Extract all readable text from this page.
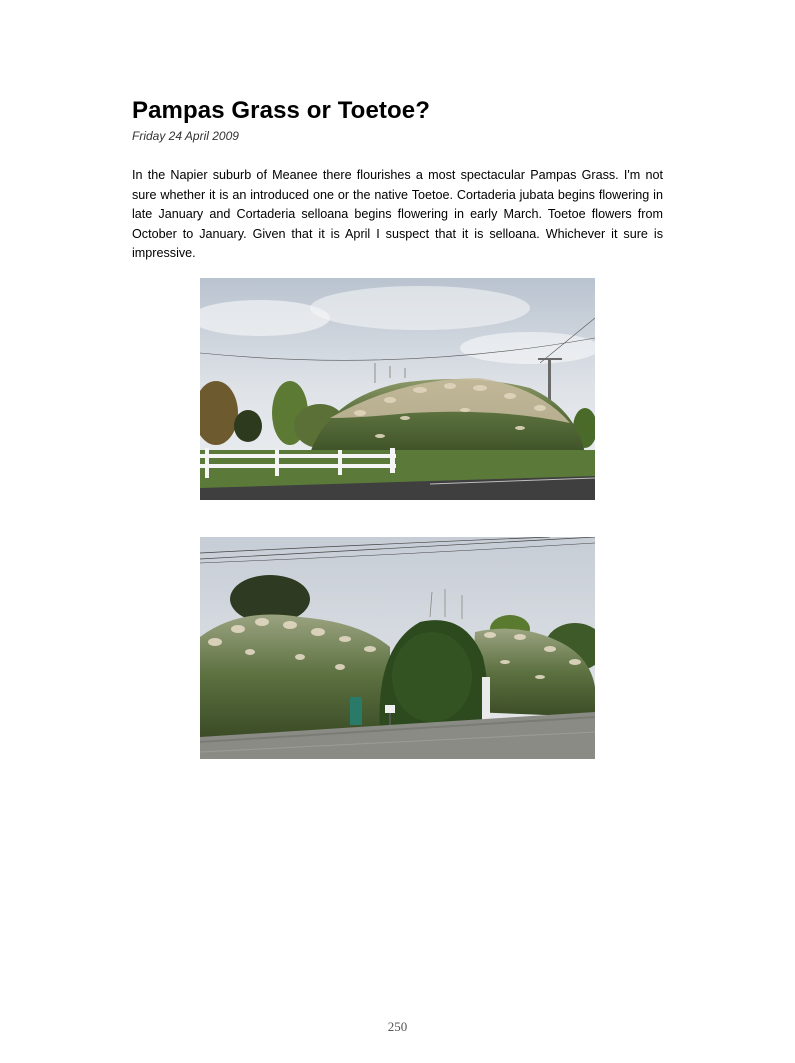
Pampas Grass or Toetoe?
Friday 24 April 2009

In the Napier suburb of Meanee there flourishes a most spectacular Pampas Grass. I'm not sure whether it is an introduced one or the native Toetoe. Cortaderia jubata begins flowering in late January and Cortaderia selloana begins flowering in early March. Toetoe flowers from October to January. Given that it is April I suspect that it is selloana. Whichever it sure is impressive.

250
